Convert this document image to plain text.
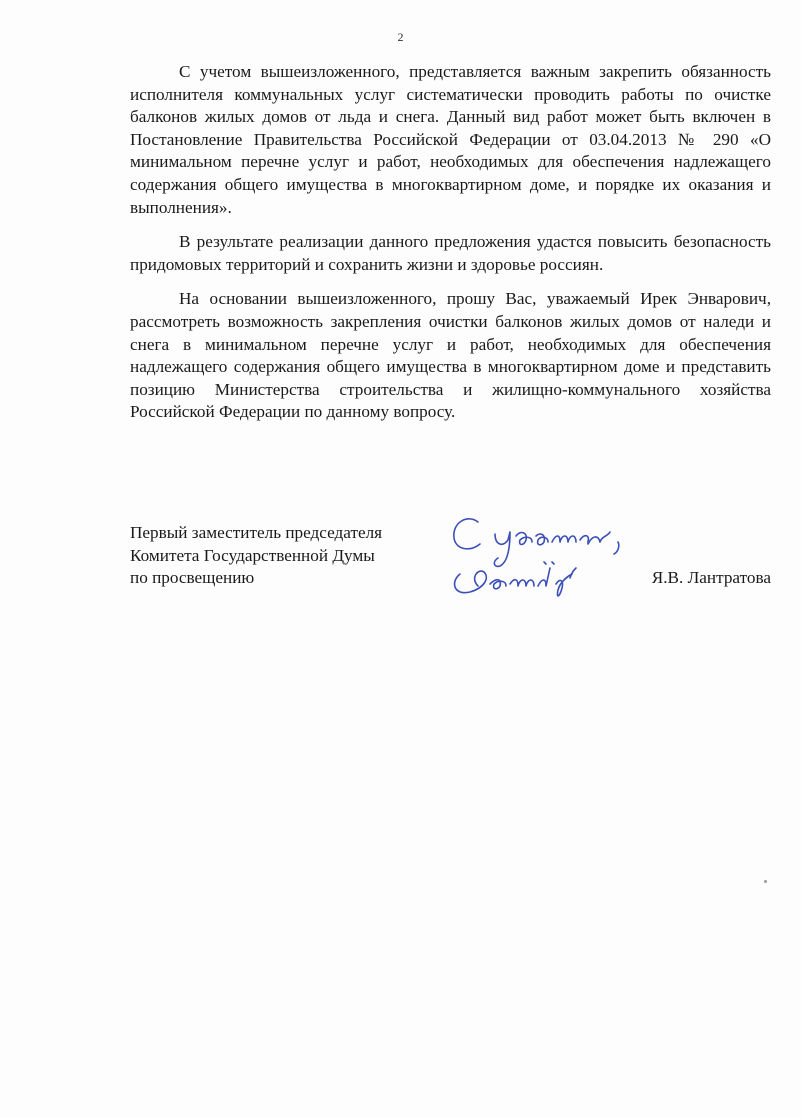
2

С учетом вышеизложенного, представляется важным закрепить обязанность исполнителя коммунальных услуг систематически проводить работы по очистке балконов жилых домов от льда и снега. Данный вид работ может быть включен в Постановление Правительства Российской Федерации от 03.04.2013 № 290 «О минимальном перечне услуг и работ, необходимых для обеспечения надлежащего содержания общего имущества в многоквартирном доме, и порядке их оказания и выполнения».

В результате реализации данного предложения удастся повысить безопасность придомовых территорий и сохранить жизни и здоровье россиян.

На основании вышеизложенного, прошу Вас, уважаемый Ирек Энварович, рассмотреть возможность закрепления очистки балконов жилых домов от наледи и снега в минимальном перечне услуг и работ, необходимых для обеспечения надлежащего содержания общего имущества в многоквартирном доме и представить позицию Министерства строительства и жилищно-коммунального хозяйства Российской Федерации по данному вопросу.

Первый заместитель председателя
Комитета Государственной Думы
по просвещению	Я.В. Лантратова
